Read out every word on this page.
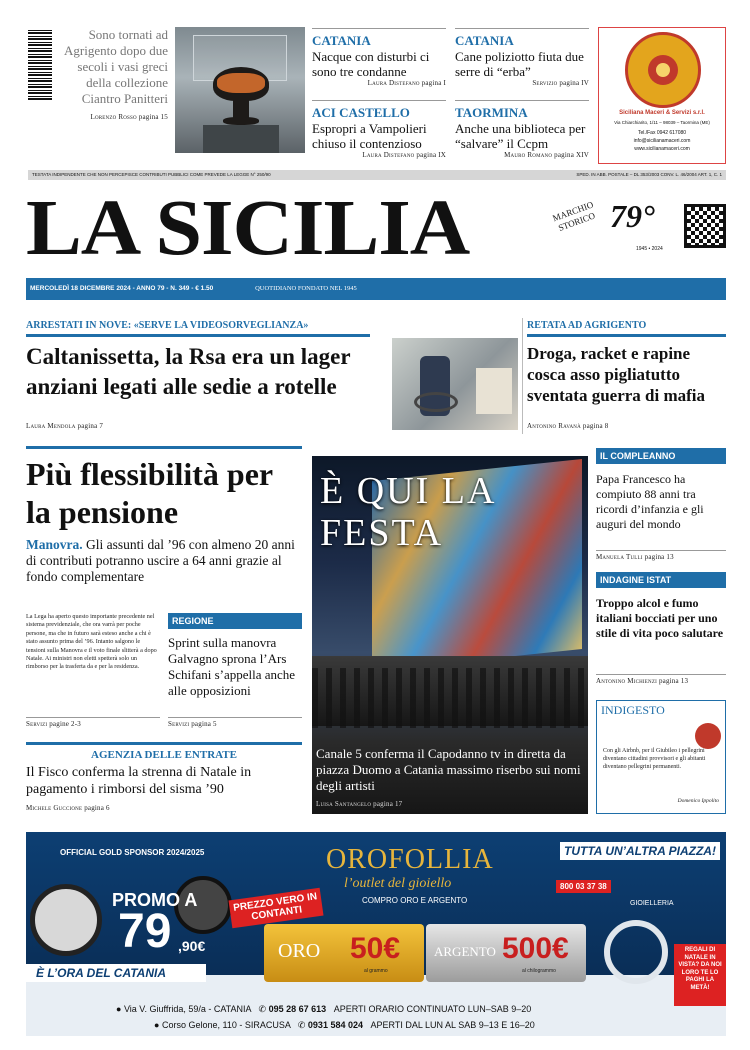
Sono tornati ad Agrigento dopo due secoli i vasi greci della collezione Ciantro Panitteri
Lorenzo Rosso pagina 15
CATANIA
Nacque con disturbi ci sono tre condanne
Laura Distefano pagina I
CATANIA
Cane poliziotto fiuta due serre di “erba”
Servizio pagina IV
ACI CASTELLO
Espropri a Vampolieri chiuso il contenzioso
Laura Distefano pagina IX
TAORMINA
Anche una biblioteca per “salvare” il Ccpm
Mauro Romano pagina XIV
Siciliana Maceri & Servizi s.r.l.
Via Chiarchiarito, 1/11 – 98039 – Taormina (ME)
Tel./Fax 0942 617080
info@sicilianamaceri.com
www.sicilianamaceri.com
TESTATA INDIPENDENTE CHE NON PERCEPISCE CONTRIBUTI PUBBLICI COME PREVEDE LA LEGGE N° 250/90	SPED. IN ABB. POSTALE – DL 353/2003 CONV. L. 46/2004 ART. 1, C. 1
LA SICILIA	MARCHIO STORICO 79°
1945 • 2024
MERCOLEDÌ 18 DICEMBRE 2024 - ANNO 79 - N. 349 - € 1.50	QUOTIDIANO FONDATO NEL 1945
ARRESTATI IN NOVE: «SERVE LA VIDEOSORVEGLIANZA»
Caltanissetta, la Rsa era un lager anziani legati alle sedie a rotelle
Laura Mendola pagina 7
RETATA AD AGRIGENTO
Droga, racket e rapine cosca asso pigliatutto sventata guerra di mafia
Antonino Ravanà pagina 8
Più flessibilità per la pensione
Manovra. Gli assunti dal ’96 con almeno 20 anni di contributi potranno uscire a 64 anni grazie al fondo complementare
La Lega ha aperto questo importante precedente nel sistema previdenziale, che ora varrà per poche persone, ma che in futuro sarà esteso anche a chi è stato assunto prima del ’96. Intanto salgono le tensioni sulla Manovra e il voto finale slitterà a dopo Natale. Ai ministri non eletti spetterà solo un rimborso per la trasferta da e per la residenza.
Servizi pagine 2-3
REGIONE
Sprint sulla manovra Galvagno sprona l’Ars Schifani s’appella anche alle opposizioni
Servizi pagina 5
AGENZIA DELLE ENTRATE
Il Fisco conferma la strenna di Natale in pagamento i rimborsi del sisma ’90
Michele Guccione pagina 6
È QUI LA FESTA
Canale 5 conferma il Capodanno tv in diretta da piazza Duomo a Catania massimo riserbo sui nomi degli artisti
Luisa Santangelo pagina 17
IL COMPLEANNO
Papa Francesco ha compiuto 88 anni tra ricordi d’infanzia e gli auguri del mondo
Manuela Tulli pagina 13
INDAGINE ISTAT
Troppo alcol e fumo italiani bocciati per uno stile di vita poco salutare
Antonino Michienzi pagina 13
INDIGESTO
Con gli Airbnb, per il Giubileo i pellegrini diventano cittadini provvisori e gli abitanti diventano pellegrini permanenti.
Domenico Ippolito
OFFICIAL GOLD SPONSOR 2024/2025
PROMO A
79 ,90€
PREZZO VERO IN CONTANTI
È L’ORA DEL CATANIA
OROFOLLIA
l’outlet del gioiello
COMPRO ORO E ARGENTO
TUTTA UN’ALTRA PIAZZA!
800 03 37 38
GIOIELLERIA
ORO 50€
al grammo
ARGENTO 500€
al chilogrammo
REGALI DI NATALE IN VISTA? DA NOI LORO TE LO PAGHI LA METÀ!
● Via V. Giuffrida, 59/a - CATANIA ✆ 095 28 67 613 APERTI ORARIO CONTINUATO LUN–SAB 9–20
● Corso Gelone, 110 - SIRACUSA ✆ 0931 584 024 APERTI DAL LUN AL SAB 9–13 E 16–20
